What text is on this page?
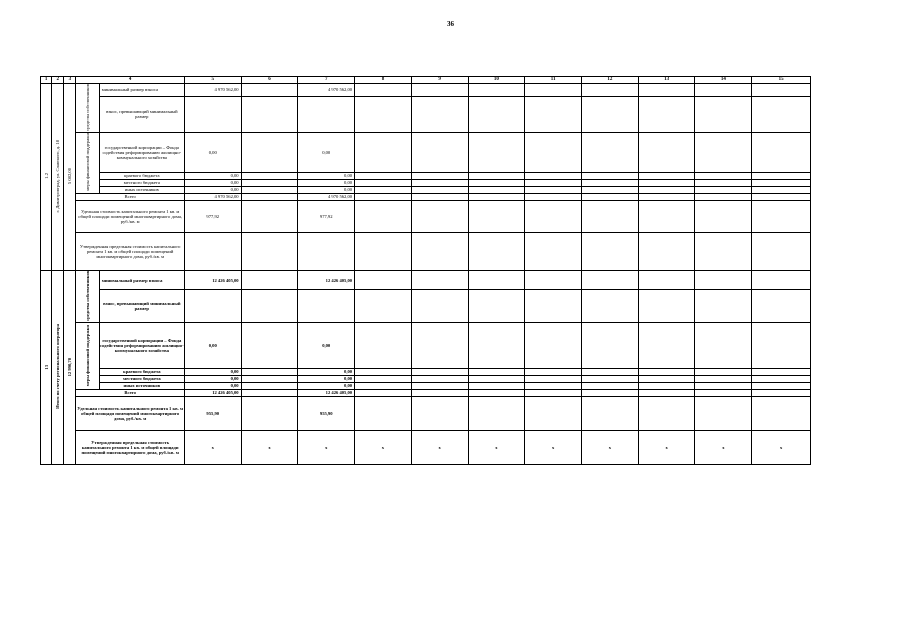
36
1	2	3	4		5	6	7	8	9	10	11	12	13	14	15
1.2	г. Димитровград, ул. Славского, д. 18	5 082,00	средства собственников	минимальный размер взноса	4 970 562,00		4 970 562,00								
				взнос, превышающий минимальный размер											
			меры финансовой поддержки	государственной корпорации – Фонда содействия реформированию жилищно-коммунального хозяйства	0,00		0,00								
				краевого бюджета	0,00		0,00								
				местного бюджета	0,00		0,00								
				иных источников	0,00		0,00								
			Всего		4 970 562,00		4 970 562,00								
			Удельная стоимость капитального ремонта 1 кв. м общей площади помещений многоквартирного дома, руб./кв. м		977,92		977,92								
			Утвержденная предельная стоимость капитального ремонта 1 кв. м общей площади помещений многоквартирного дома, руб./кв. м												
13	Итого по счету регионального оператора	12 990,70	средства собственников	минимальный размер взноса	12 426 405,00		12 426 405,00								
				взнос, превышающий минимальный размер											
			меры финансовой поддержки	государственной корпорации – Фонда содействия реформированию жилищно-коммунального хозяйства	0,00		0,00								
				краевого бюджета	0,00		0,00								
				местного бюджета	0,00		0,00								
				иных источников	0,00		0,00								
			Всего		12 426 405,00		12 426 405,00								
			Удельная стоимость капитального ремонта 1 кв. м общей площади помещений многоквартирного дома, руб./кв. м		955,90		955,90								
			Утвержденная предельная стоимость капитального ремонта 1 кв. м общей площади помещений многоквартирного дома, руб./кв. м		x	x	x	x	x	x	x	x	x	x	x
